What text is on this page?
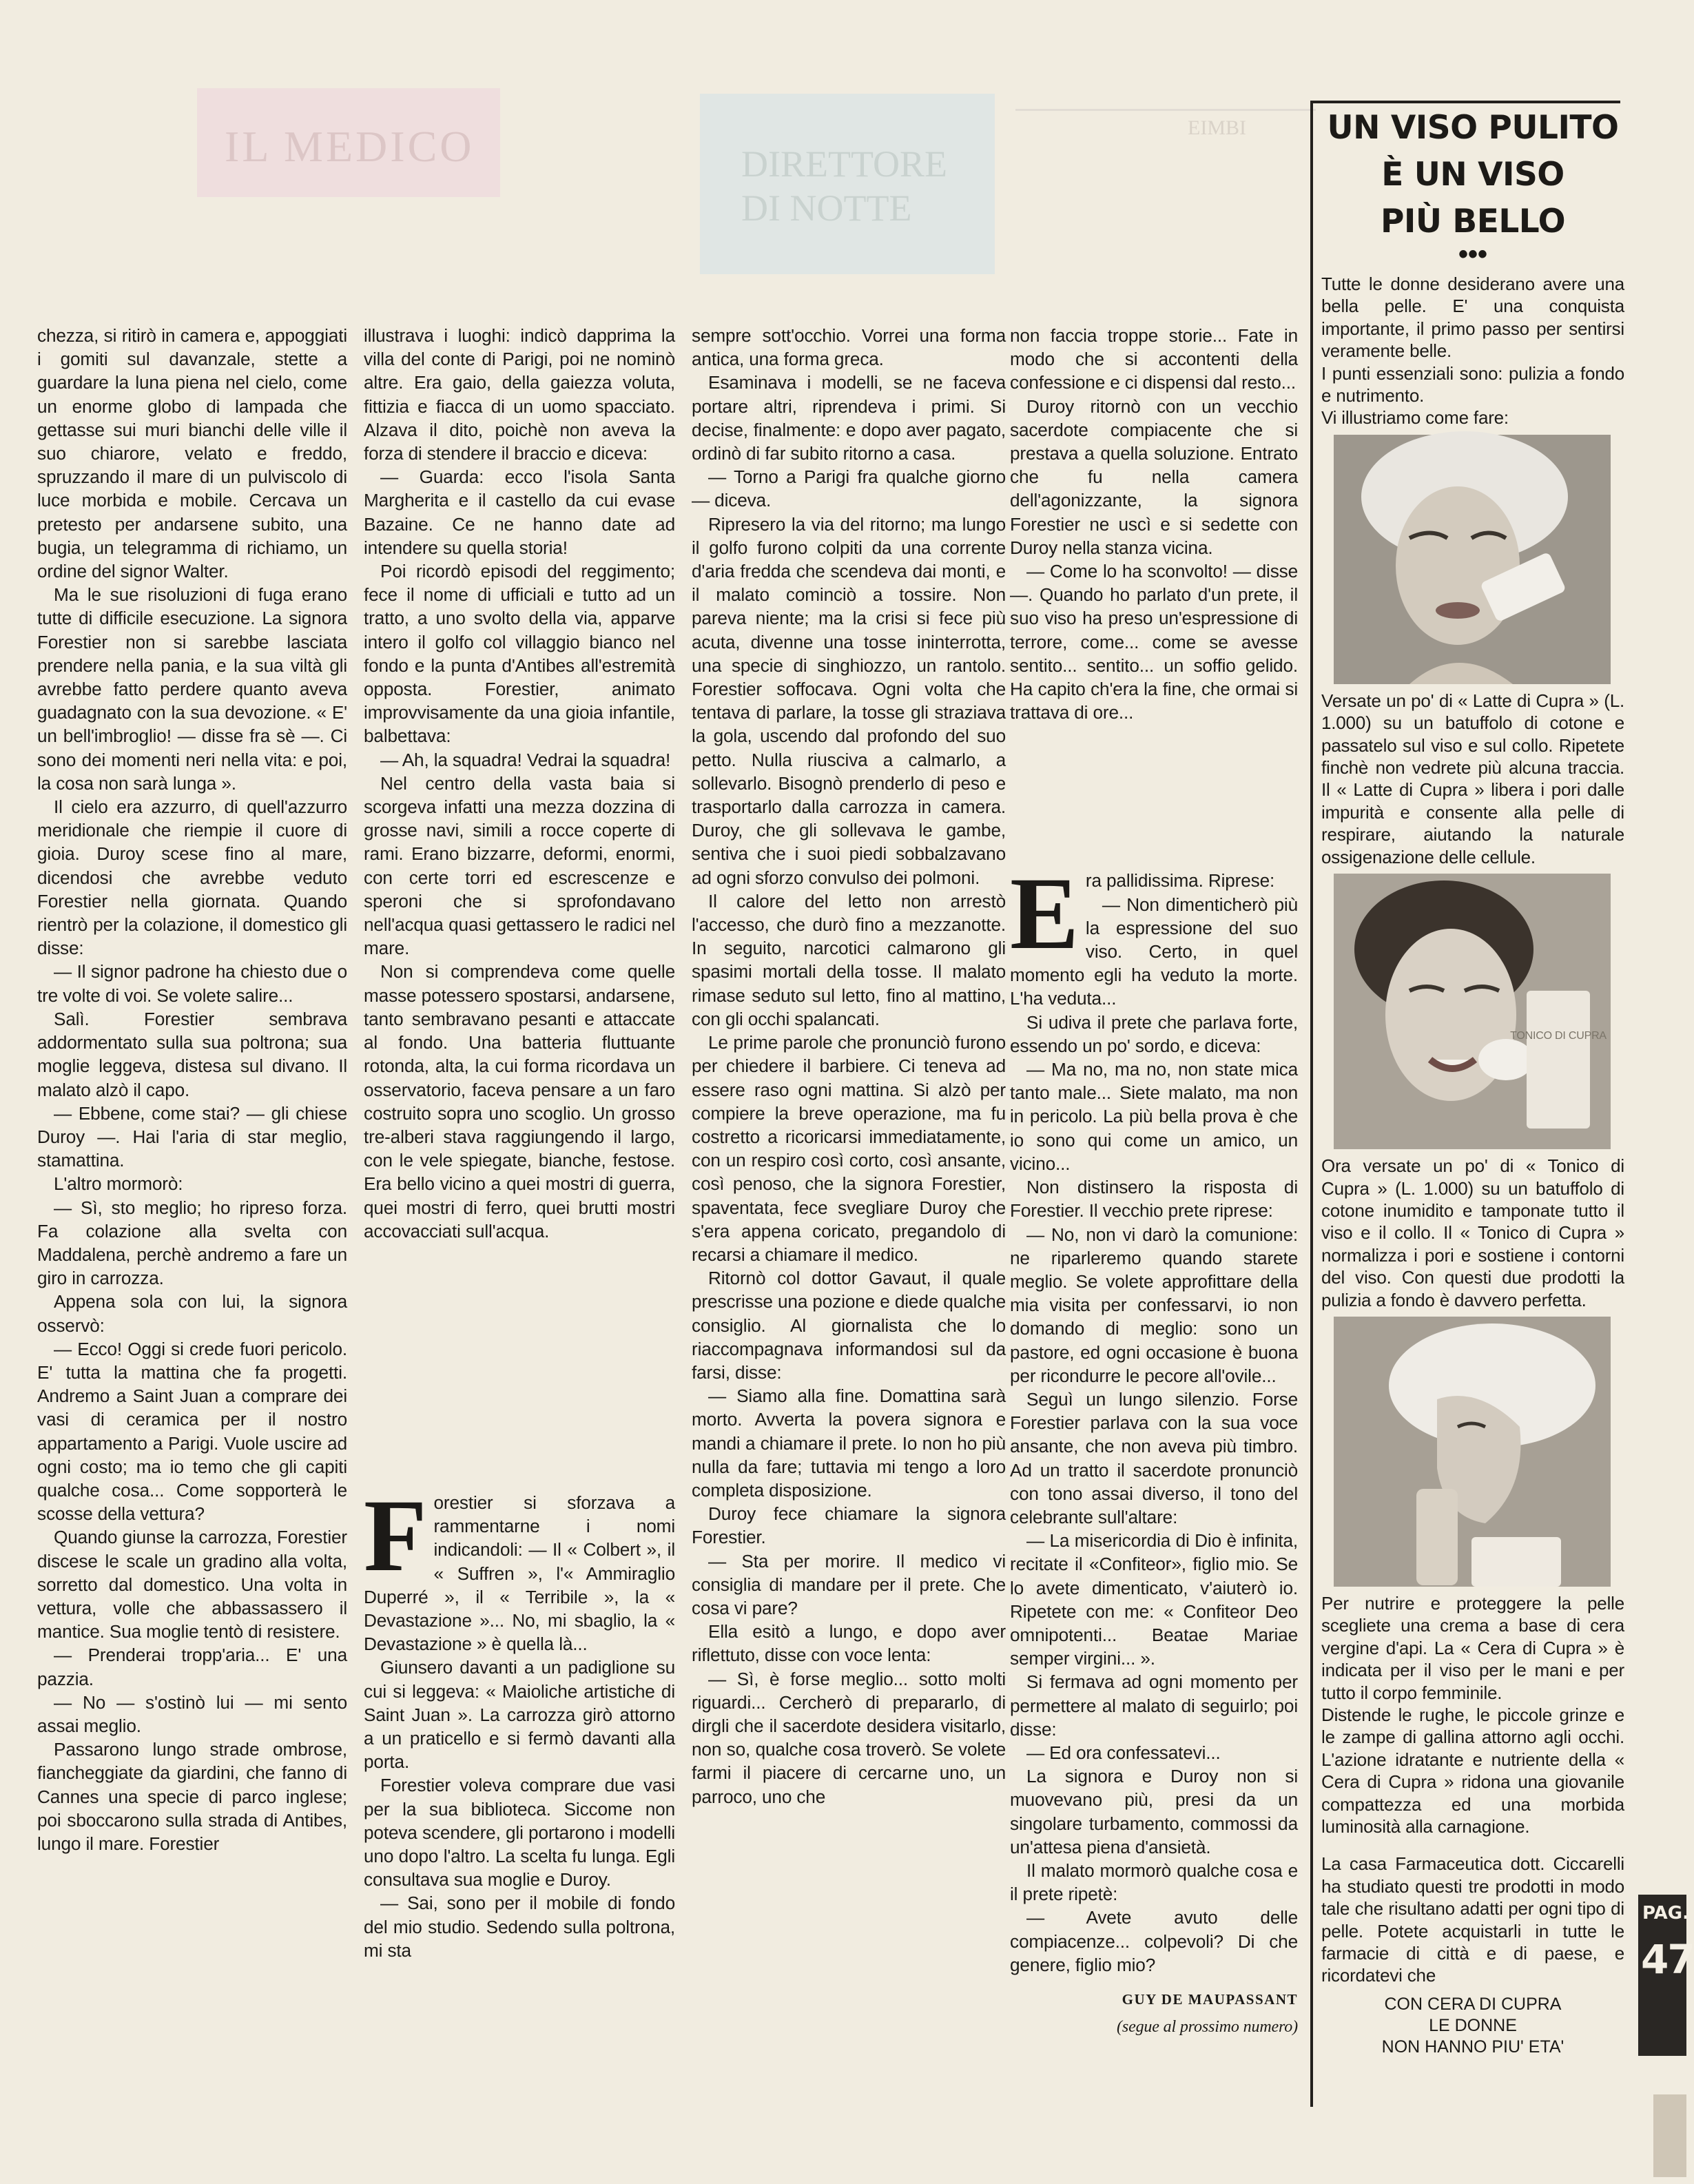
IL MEDICO	DIRETTORE DI NOTTE
EIMBI

chezza, si ritirò in camera e, appoggiati i gomiti sul davanzale, stette a guardare la luna piena nel cielo, come un enorme globo di lampada che gettasse sui muri bianchi delle ville il suo chiarore, velato e freddo, spruzzando il mare di un pulviscolo di luce morbida e mobile. Cercava un pretesto per andarsene subito, una bugia, un telegramma di richiamo, un ordine del signor Walter.

Ma le sue risoluzioni di fuga erano tutte di difficile esecuzione. La signora Forestier non si sarebbe lasciata prendere nella pania, e la sua viltà gli avrebbe fatto perdere quanto aveva guadagnato con la sua devozione. « E' un bell'imbroglio! — disse fra sè —. Ci sono dei momenti neri nella vita: e poi, la cosa non sarà lunga ».

Il cielo era azzurro, di quell'azzurro meridionale che riempie il cuore di gioia. Duroy scese fino al mare, dicendosi che avrebbe veduto Forestier nella giornata. Quando rientrò per la colazione, il domestico gli disse:

— Il signor padrone ha chiesto due o tre volte di voi. Se volete salire...

Salì. Forestier sembrava addormentato sulla sua poltrona; sua moglie leggeva, distesa sul divano. Il malato alzò il capo.

— Ebbene, come stai? — gli chiese Duroy —. Hai l'aria di star meglio, stamattina.

L'altro mormorò:

— Sì, sto meglio; ho ripreso forza. Fa colazione alla svelta con Maddalena, perchè andremo a fare un giro in carrozza.

Appena sola con lui, la signora osservò:

— Ecco! Oggi si crede fuori pericolo. E' tutta la mattina che fa progetti. Andremo a Saint Juan a comprare dei vasi di ceramica per il nostro appartamento a Parigi. Vuole uscire ad ogni costo; ma io temo che gli capiti qualche cosa... Come sopporterà le scosse della vettura?

Quando giunse la carrozza, Forestier discese le scale un gradino alla volta, sorretto dal domestico. Una volta in vettura, volle che abbassassero il mantice. Sua moglie tentò di resistere.

— Prenderai tropp'aria... E' una pazzia.

— No — s'ostinò lui — mi sento assai meglio.

Passarono lungo strade ombrose, fiancheggiate da giardini, che fanno di Cannes una specie di parco inglese; poi sboccarono sulla strada di Antibes, lungo il mare. Forestier

illustrava i luoghi: indicò dapprima la villa del conte di Parigi, poi ne nominò altre. Era gaio, della gaiezza voluta, fittizia e fiacca di un uomo spacciato. Alzava il dito, poichè non aveva la forza di stendere il braccio e diceva:

— Guarda: ecco l'isola Santa Margherita e il castello da cui evase Bazaine. Ce ne hanno date ad intendere su quella storia!

Poi ricordò episodi del reggimento; fece il nome di ufficiali e tutto ad un tratto, a uno svolto della via, apparve intero il golfo col villaggio bianco nel fondo e la punta d'Antibes all'estremità opposta. Forestier, animato improvvisamente da una gioia infantile, balbettava:

— Ah, la squadra! Vedrai la squadra!

Nel centro della vasta baia si scorgeva infatti una mezza dozzina di grosse navi, simili a rocce coperte di rami. Erano bizzarre, deformi, enormi, con certe torri ed escrescenze e speroni che si sprofondavano nell'acqua quasi gettassero le radici nel mare.

Non si comprendeva come quelle masse potessero spostarsi, andarsene, tanto sembravano pesanti e attaccate al fondo. Una batteria fluttuante rotonda, alta, la cui forma ricordava un osservatorio, faceva pensare a un faro costruito sopra uno scoglio. Un grosso tre-alberi stava raggiungendo il largo, con le vele spiegate, bianche, festose. Era bello vicino a quei mostri di guerra, quei mostri di ferro, quei brutti mostri accovacciati sull'acqua.

Forestier si sforzava a rammentarne i nomi indicandoli: — Il « Colbert », il « Suffren », l'« Ammiraglio Duperré », il « Terribile », la « Devastazione »... No, mi sbaglio, la « Devastazione » è quella là...

Giunsero davanti a un padiglione su cui si leggeva: « Maioliche artistiche di Saint Juan ». La carrozza girò attorno a un praticello e si fermò davanti alla porta.

Forestier voleva comprare due vasi per la sua biblioteca. Siccome non poteva scendere, gli portarono i modelli uno dopo l'altro. La scelta fu lunga. Egli consultava sua moglie e Duroy.

— Sai, sono per il mobile di fondo del mio studio. Sedendo sulla poltrona, mi sta

sempre sott'occhio. Vorrei una forma antica, una forma greca.

Esaminava i modelli, se ne faceva portare altri, riprendeva i primi. Si decise, finalmente: e dopo aver pagato, ordinò di far subito ritorno a casa.

— Torno a Parigi fra qualche giorno — diceva.

Ripresero la via del ritorno; ma lungo il golfo furono colpiti da una corrente d'aria fredda che scendeva dai monti, e il malato cominciò a tossire. Non pareva niente; ma la crisi si fece più acuta, divenne una tosse ininterrotta, una specie di singhiozzo, un rantolo. Forestier soffocava. Ogni volta che tentava di parlare, la tosse gli straziava la gola, uscendo dal profondo del suo petto. Nulla riusciva a calmarlo, a sollevarlo. Bisognò prenderlo di peso e trasportarlo dalla carrozza in camera. Duroy, che gli sollevava le gambe, sentiva che i suoi piedi sobbalzavano ad ogni sforzo convulso dei polmoni.

Il calore del letto non arrestò l'accesso, che durò fino a mezzanotte. In seguito, narcotici calmarono gli spasimi mortali della tosse. Il malato rimase seduto sul letto, fino al mattino, con gli occhi spalancati.

Le prime parole che pronunciò furono per chiedere il barbiere. Ci teneva ad essere raso ogni mattina. Si alzò per compiere la breve operazione, ma fu costretto a ricoricarsi immediatamente, con un respiro così corto, così ansante, così penoso, che la signora Forestier, spaventata, fece svegliare Duroy che s'era appena coricato, pregandolo di recarsi a chiamare il medico.

Ritornò col dottor Gavaut, il quale prescrisse una pozione e diede qualche consiglio. Al giornalista che lo riaccompagnava informandosi sul da farsi, disse:

— Siamo alla fine. Domattina sarà morto. Avverta la povera signora e mandi a chiamare il prete. Io non ho più nulla da fare; tuttavia mi tengo a loro completa disposizione.

Duroy fece chiamare la signora Forestier.

— Sta per morire. Il medico vi consiglia di mandare per il prete. Che cosa vi pare?

Ella esitò a lungo, e dopo aver riflettuto, disse con voce lenta:

— Sì, è forse meglio... sotto molti riguardi... Cercherò di prepararlo, di dirgli che il sacerdote desidera visitarlo, non so, qualche cosa troverò. Se volete farmi il piacere di cercarne uno, un parroco, uno che

non faccia troppe storie... Fate in modo che si accontenti della confessione e ci dispensi dal resto...

Duroy ritornò con un vecchio sacerdote compiacente che si prestava a quella soluzione. Entrato che fu nella camera dell'agonizzante, la signora Forestier ne uscì e si sedette con Duroy nella stanza vicina.

— Come lo ha sconvolto! — disse —. Quando ho parlato d'un prete, il suo viso ha preso un'espressione di terrore, come... come se avesse sentito... sentito... un soffio gelido. Ha capito ch'era la fine, che ormai si trattava di ore...

Era pallidissima. Riprese:

— Non dimenticherò più la espressione del suo viso. Certo, in quel momento egli ha veduto la morte. L'ha veduta...

Si udiva il prete che parlava forte, essendo un po' sordo, e diceva:

— Ma no, ma no, non state mica tanto male... Siete malato, ma non in pericolo. La più bella prova è che io sono qui come un amico, un vicino...

Non distinsero la risposta di Forestier. Il vecchio prete riprese:

— No, non vi darò la comunione: ne riparleremo quando starete meglio. Se volete approfittare della mia visita per confessarvi, io non domando di meglio: sono un pastore, ed ogni occasione è buona per ricondurre le pecore all'ovile...

Seguì un lungo silenzio. Forse Forestier parlava con la sua voce ansante, che non aveva più timbro. Ad un tratto il sacerdote pronunciò con tono assai diverso, il tono del celebrante sull'altare:

— La misericordia di Dio è infinita, recitate il «Confiteor», figlio mio. Se lo avete dimenticato, v'aiuterò io. Ripetete con me: « Confiteor Deo omnipotenti... Beatae Mariae semper virgini... ».

Si fermava ad ogni momento per permettere al malato di seguirlo; poi disse:

— Ed ora confessatevi...

La signora e Duroy non si muovevano più, presi da un singolare turbamento, commossi da un'attesa piena d'ansietà.

Il malato mormorò qualche cosa e il prete ripetè:

— Avete avuto delle compiacenze... colpevoli? Di che genere, figlio mio?

GUY DE MAUPASSANT
(segue al prossimo numero)
UN VISO PULITO
È UN VISO
PIÙ BELLO
•••

Tutte le donne desiderano avere una bella pelle. E' una conquista importante, il primo passo per sentirsi veramente belle.

I punti essenziali sono: pulizia a fondo e nutrimento.

Vi illustriamo come fare:

Versate un po' di « Latte di Cupra » (L. 1.000) su un batuffolo di cotone e passatelo sul viso e sul collo. Ripetete finchè non vedrete più alcuna traccia. Il « Latte di Cupra » libera i pori dalle impurità e consente alla pelle di respirare, aiutando la naturale ossigenazione delle cellule.

TONICO DI CUPRA

Ora versate un po' di « Tonico di Cupra » (L. 1.000) su un batuffolo di cotone inumidito e tamponate tutto il viso e il collo. Il « Tonico di Cupra » normalizza i pori e sostiene i contorni del viso. Con questi due prodotti la pulizia a fondo è davvero perfetta.

Per nutrire e proteggere la pelle scegliete una crema a base di cera vergine d'api. La « Cera di Cupra » è indicata per il viso per le mani e per tutto il corpo femminile.

Distende le rughe, le piccole grinze e le zampe di gallina attorno agli occhi. L'azione idratante e nutriente della « Cera di Cupra » ridona una giovanile compattezza ed una morbida luminosità alla carnagione.

La casa Farmaceutica dott. Ciccarelli ha studiato questi tre prodotti in modo tale che risultano adatti per ogni tipo di pelle. Potete acquistarli in tutte le farmacie di città e di paese, e ricordatevi che

CON CERA DI CUPRA
LE DONNE
NON HANNO PIU' ETA'
PAG.
47
